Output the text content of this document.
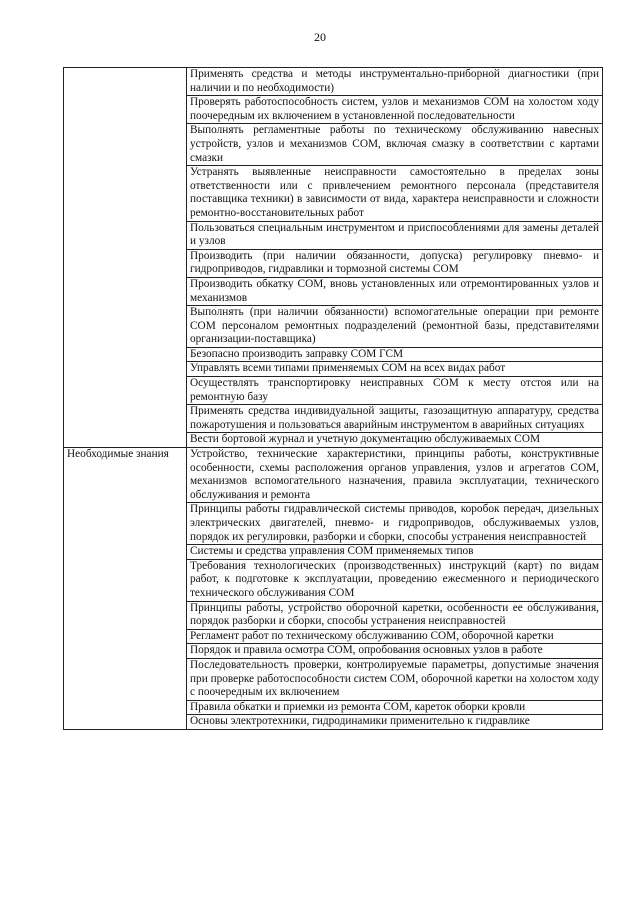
20
	Применять средства и методы инструментально-приборной диагностики (при наличии и по необходимости)
	Проверять работоспособность систем, узлов и механизмов СОМ на холостом ходу поочередным их включением в установленной последовательности
	Выполнять регламентные работы по техническому обслуживанию навесных устройств, узлов и механизмов СОМ, включая смазку в соответствии с картами смазки
	Устранять выявленные неисправности самостоятельно в пределах зоны ответственности или с привлечением ремонтного персонала (представителя поставщика техники) в зависимости от вида, характера неисправности и сложности ремонтно-восстановительных работ
	Пользоваться специальным инструментом и приспособлениями для замены деталей и узлов
	Производить (при наличии обязанности, допуска) регулировку пневмо- и гидроприводов, гидравлики и тормозной системы СОМ
	Производить обкатку СОМ, вновь установленных или отремонтированных узлов и механизмов
	Выполнять (при наличии обязанности) вспомогательные операции при ремонте СОМ персоналом ремонтных подразделений (ремонтной базы, представителями организации-поставщика)
	Безопасно производить заправку СОМ ГСМ
	Управлять всеми типами применяемых СОМ на всех видах работ
	Осуществлять транспортировку неисправных СОМ к месту отстоя или на ремонтную базу
	Применять средства индивидуальной защиты, газозащитную аппаратуру, средства пожаротушения и пользоваться аварийным инструментом в аварийных ситуациях
	Вести бортовой журнал и учетную документацию обслуживаемых СОМ
Необходимые знания	Устройство, технические характеристики, принципы работы, конструктивные особенности, схемы расположения органов управления, узлов и агрегатов СОМ, механизмов вспомогательного назначения, правила эксплуатации, технического обслуживания и ремонта
	Принципы работы гидравлической системы приводов, коробок передач, дизельных электрических двигателей, пневмо- и гидроприводов, обслуживаемых узлов, порядок их регулировки, разборки и сборки, способы устранения неисправностей
	Системы и средства управления СОМ применяемых типов
	Требования технологических (производственных) инструкций (карт) по видам работ, к подготовке к эксплуатации, проведению ежесменного и периодического технического обслуживания СОМ
	Принципы работы, устройство оборочной каретки, особенности ее обслуживания, порядок разборки и сборки, способы устранения неисправностей
	Регламент работ по техническому обслуживанию СОМ, оборочной каретки
	Порядок и правила осмотра СОМ, опробования основных узлов в работе
	Последовательность проверки, контролируемые параметры, допустимые значения при проверке работоспособности систем СОМ, оборочной каретки на холостом ходу с поочередным их включением
	Правила обкатки и приемки из ремонта СОМ, кареток оборки кровли
	Основы электротехники, гидродинамики применительно к гидравлике
